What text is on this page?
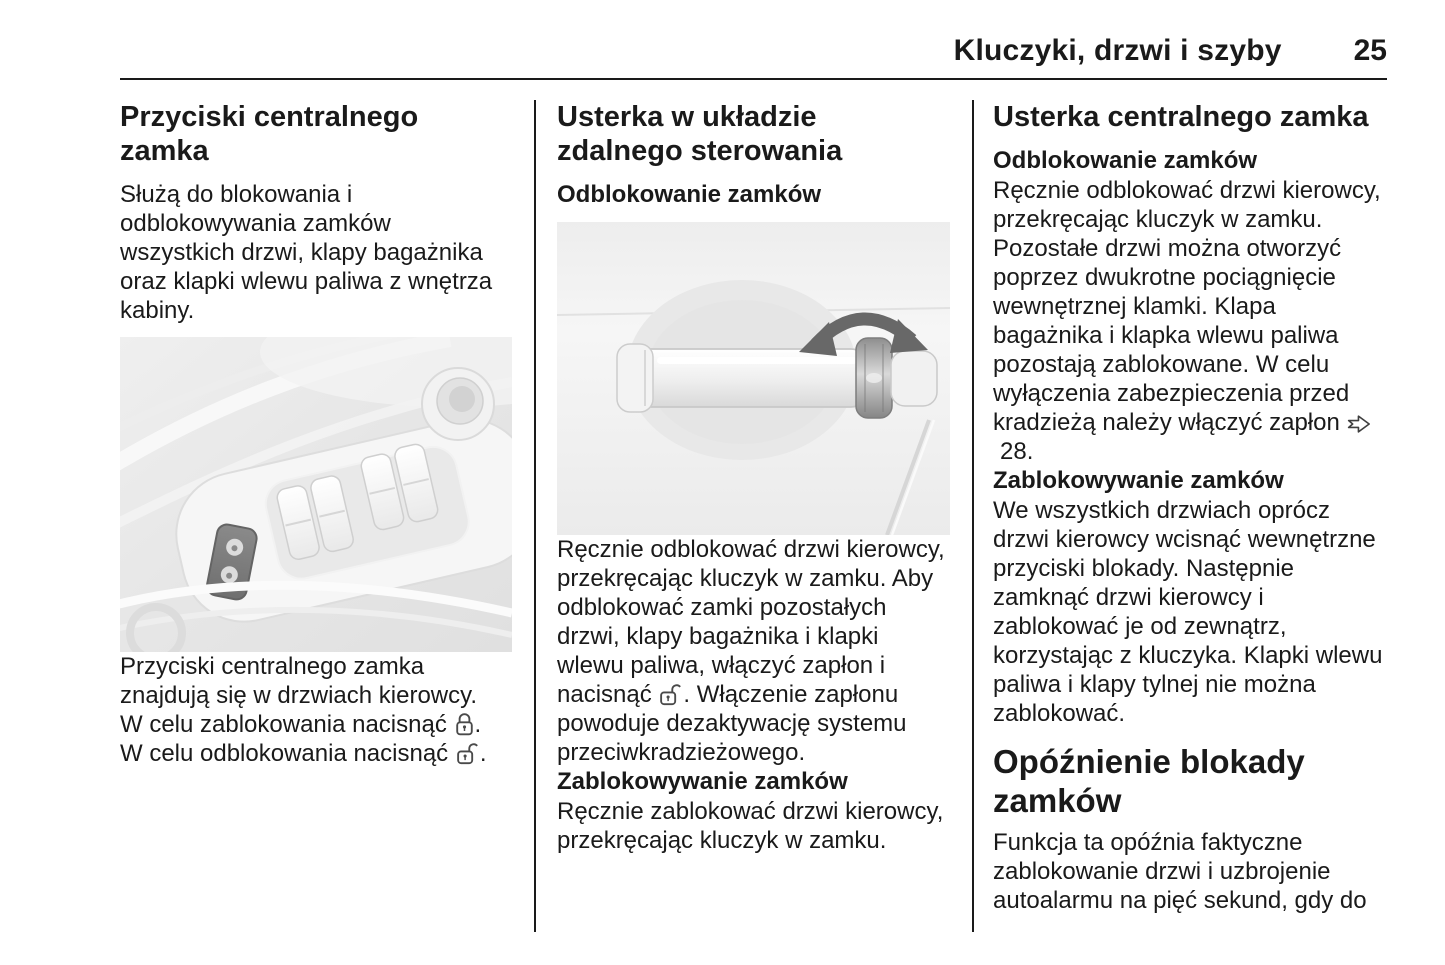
Kluczyki, drzwi i szyby 25
Przyciski centralnego zamka

Służą do blokowania i odblokowywania zamków wszystkich drzwi, klapy bagażnika oraz klapki wlewu paliwa z wnętrza kabiny.

Przyciski centralnego zamka znajdują się w drzwiach kierowcy.

W celu zablokowania nacisnąć .

W celu odblokowania nacisnąć .

Usterka w układzie zdalnego sterowania
Odblokowanie zamków

Ręcznie odblokować drzwi kierowcy, przekręcając kluczyk w zamku. Aby odblokować zamki pozostałych drzwi, klapy bagażnika i klapki wlewu paliwa, włączyć zapłon i nacisnąć . Włączenie zapłonu powoduje dezaktywację systemu przeciwkradzieżowego.

Zablokowywanie zamków

Ręcznie zablokować drzwi kierowcy, przekręcając kluczyk w zamku.

Usterka centralnego zamka
Odblokowanie zamków

Ręcznie odblokować drzwi kierowcy, przekręcając kluczyk w zamku. Pozostałe drzwi można otworzyć poprzez dwukrotne pociągnięcie wewnętrznej klamki. Klapa bagażnika i klapka wlewu paliwa pozostają zablokowane. W celu wyłączenia zabezpieczenia przed kradzieżą należy włączyć zapłon28.

Zablokowywanie zamków

We wszystkich drzwiach oprócz drzwi kierowcy wcisnąć wewnętrzne przyciski blokady. Następnie zamknąć drzwi kierowcy i zablokować je od zewnątrz, korzystając z kluczyka. Klapki wlewu paliwa i klapy tylnej nie można zablokować.

Opóźnienie blokady zamków

Funkcja ta opóźnia faktyczne zablokowanie drzwi i uzbrojenie autoalarmu na pięć sekund, gdy do
